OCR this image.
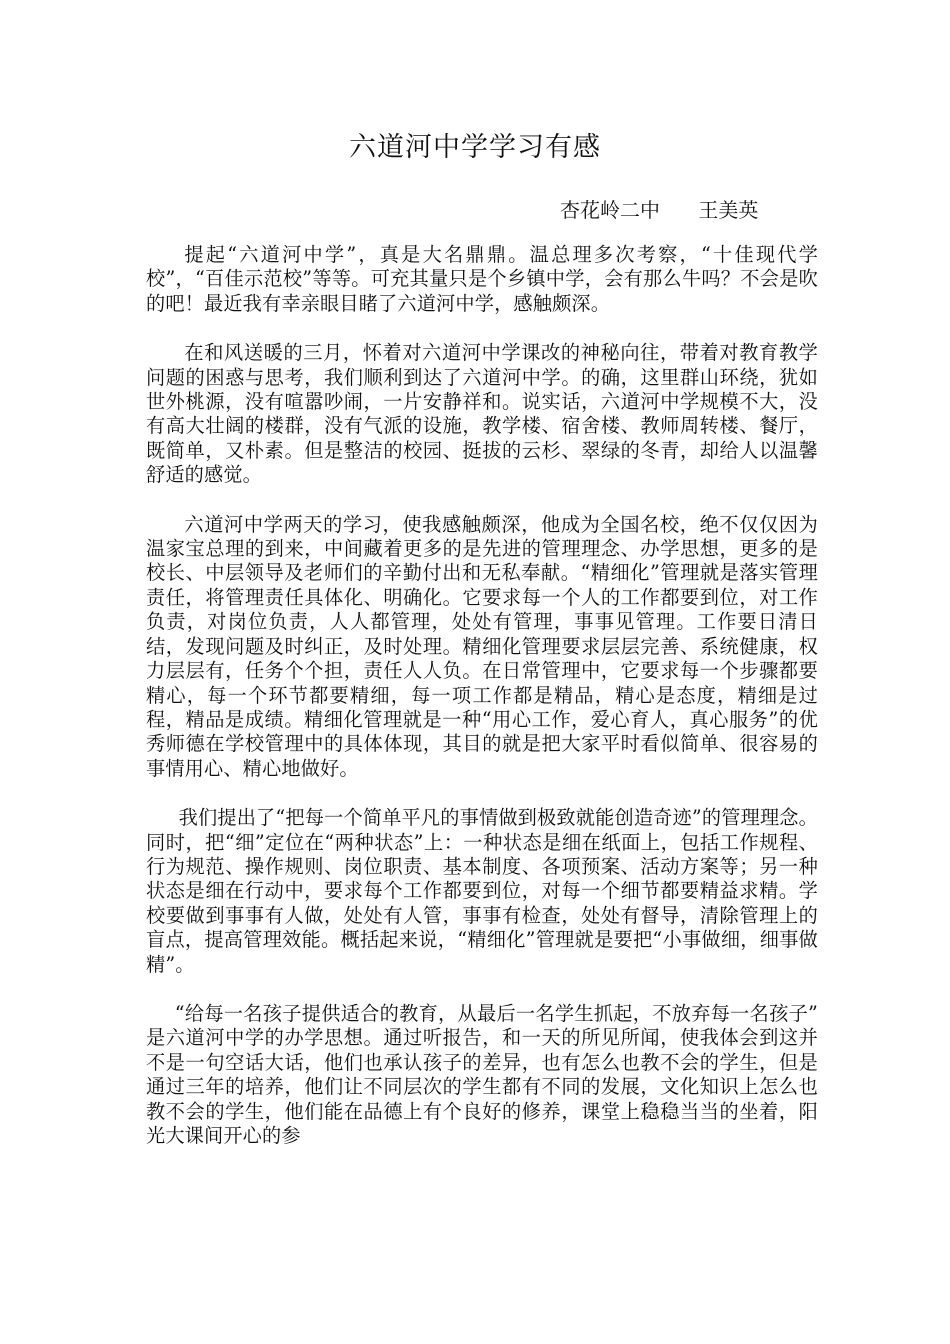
六道河中学学习有感
杏花岭二中 王美英

提起“六道河中学”，真是大名鼎鼎。温总理多次考察，“十佳现代学校”，“百佳示范校”等等。可充其量只是个乡镇中学，会有那么牛吗？不会是吹的吧！最近我有幸亲眼目睹了六道河中学，感触颇深。

在和风送暖的三月，怀着对六道河中学课改的神秘向往，带着对教育教学问题的困惑与思考，我们顺利到达了六道河中学。的确，这里群山环绕，犹如世外桃源，没有喧嚣吵闹，一片安静祥和。说实话，六道河中学规模不大，没有高大壮阔的楼群，没有气派的设施，教学楼、宿舍楼、教师周转楼、餐厅，既简单，又朴素。但是整洁的校园、挺拔的云杉、翠绿的冬青，却给人以温馨舒适的感觉。

六道河中学两天的学习，使我感触颇深，他成为全国名校，绝不仅仅因为温家宝总理的到来，中间藏着更多的是先进的管理理念、办学思想，更多的是校长、中层领导及老师们的辛勤付出和无私奉献。“精细化”管理就是落实管理责任，将管理责任具体化、明确化。它要求每一个人的工作都要到位，对工作负责，对岗位负责，人人都管理，处处有管理，事事见管理。工作要日清日结，发现问题及时纠正，及时处理。精细化管理要求层层完善、系统健康，权力层层有，任务个个担，责任人人负。在日常管理中，它要求每一个步骤都要精心，每一个环节都要精细，每一项工作都是精品，精心是态度，精细是过程，精品是成绩。精细化管理就是一种“用心工作，爱心育人，真心服务”的优秀师德在学校管理中的具体体现，其目的就是把大家平时看似简单、很容易的事情用心、精心地做好。

我们提出了“把每一个简单平凡的事情做到极致就能创造奇迹”的管理理念。同时，把“细”定位在“两种状态”上：一种状态是细在纸面上，包括工作规程、行为规范、操作规则、岗位职责、基本制度、各项预案、活动方案等；另一种状态是细在行动中，要求每个工作都要到位，对每一个细节都要精益求精。学校要做到事事有人做，处处有人管，事事有检查，处处有督导，清除管理上的盲点，提高管理效能。概括起来说，“精细化”管理就是要把“小事做细，细事做精”。

“给每一名孩子提供适合的教育，从最后一名学生抓起，不放弃每一名孩子” 是六道河中学的办学思想。通过听报告，和一天的所见所闻，使我体会到这并不是一句空话大话，他们也承认孩子的差异，也有怎么也教不会的学生，但是通过三年的培养，他们让不同层次的学生都有不同的发展，文化知识上怎么也教不会的学生，他们能在品德上有个良好的修养，课堂上稳稳当当的坐着，阳光大课间开心的参
